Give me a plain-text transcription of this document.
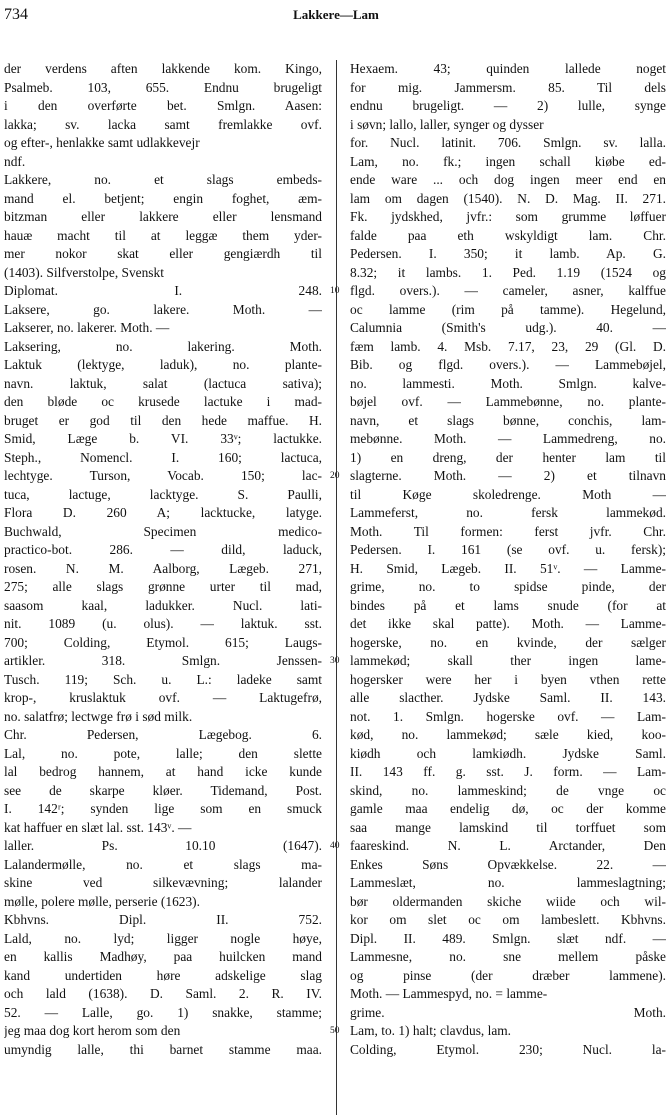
734	Lakkere—Lam
der verdens aften lakkende kom. Kingo,
Psalmeb. 103, 655. Endnu brugeligt
i den overførte bet. Smlgn. Aasen:
lakka; sv. lacka samt fremlakke ovf.
og efter-, henlakke samt udlakkevejr
ndf.
Lakkere, no. et slags embeds-
mand el. betjent; engin foghet, æm-
bitzman eller lakkere eller lensmand
hauæ macht til at leggæ them yder-
mer nokor skat eller gengiærdh til
(1403). Silfverstolpe, Svenskt
Diplomat. I. 248.
Laksere, go. lakere. Moth. —
Lakserer, no. lakerer. Moth. —
Laksering, no. lakering. Moth.
Laktuk (lektyge, laduk), no. plante-
navn. laktuk, salat (lactuca sativa);
den bløde oc krusede lactuke i mad-
bruget er god til den hede maffue. H.
Smid, Læge b. VI. 33ᵛ; lactukke.
Steph., Nomencl. I. 160; lactuca,
lechtyge. Turson, Vocab. 150; lac-
tuca, lactuge, lacktyge. S. Paulli,
Flora D. 260 A; lacktucke, latyge.
Buchwald, Specimen medico-
practico-bot. 286. — dild, laduck,
rosen. N. M. Aalborg, Lægeb. 271,
275; alle slags grønne urter til mad,
saasom kaal, ladukker. Nucl. lati-
nit. 1089 (u. olus). — laktuk. sst.
700; Colding, Etymol. 615; Laugs-
artikler. 318. Smlgn. Jenssen-
Tusch. 119; Sch. u. L.: ladeke samt
krop-, kruslaktuk ovf. — Laktugefrø,
no. salatfrø; lectwge frø i sød milk.
Chr. Pedersen, Lægebog. 6.
Lal, no. pote, lalle; den slette
lal bedrog hannem, at hand icke kunde
see de skarpe kløer. Tidemand, Post.
I. 142ʳ; synden lige som en smuck
kat haffuer en slæt lal. sst. 143ᵛ. —
laller. Ps. 10.10 (1647).
Lalandermølle, no. et slags ma-
skine ved silkevævning; lalander
mølle, polere mølle, perserie (1623).
Kbhvns. Dipl. II. 752.
Lald, no. lyd; ligger nogle høye,
en kallis Madhøy, paa huilcken mand
kand undertiden høre adskelige slag
och lald (1638). D. Saml. 2. R. IV.
52. — Lalle, go. 1) snakke, stamme;
jeg maa dog kort herom som den
umyndig lalle, thi barnet stamme maa.
10
20
30
40
50
Hexaem. 43; quinden lallede noget
for mig. Jammersm. 85. Til dels
endnu brugeligt. — 2) lulle, synge
i søvn; lallo, laller, synger og dysser
for. Nucl. latinit. 706. Smlgn. sv. lalla.
Lam, no. fk.; ingen schall kiøbe ed-
ende ware ... och dog ingen meer end en
lam om dagen (1540). N. D. Mag. II. 271.
Fk. jydskhed, jvfr.: som grumme løffuer
falde paa eth wskyldigt lam. Chr.
Pedersen. I. 350; it lamb. Ap. G.
8.32; it lambs. 1. Ped. 1.19 (1524 og
flgd. overs.). — cameler, asner, kalffue
oc lamme (rim på tamme). Hegelund,
Calumnia (Smith's udg.). 40. —
fæm lamb. 4. Msb. 7.17, 23, 29 (Gl. D.
Bib. og flgd. overs.). — Lammebøjel,
no. lammesti. Moth. Smlgn. kalve-
bøjel ovf. — Lammebønne, no. plante-
navn, et slags bønne, conchis, lam-
mebønne. Moth. — Lammedreng, no.
1) en dreng, der henter lam til
slagterne. Moth. — 2) et tilnavn
til Køge skoledrenge. Moth —
Lammeferst, no. fersk lammekød.
Moth. Til formen: ferst jvfr. Chr.
Pedersen. I. 161 (se ovf. u. fersk);
H. Smid, Lægeb. II. 51ᵛ. — Lamme-
grime, no. to spidse pinde, der
bindes på et lams snude (for at
det ikke skal patte). Moth. — Lamme-
hogerske, no. en kvinde, der sælger
lammekød; skall ther ingen lame-
hogersker were her i byen vthen rette
alle slacther. Jydske Saml. II. 143.
not. 1. Smlgn. hogerske ovf. — Lam-
kød, no. lammekød; sæle kied, koo-
kiødh och lamkiødh. Jydske Saml.
II. 143 ff. g. sst. J. form. — Lam-
skind, no. lammeskind; de vnge oc
gamle maa endelig dø, oc der komme
saa mange lamskind til torffuet som
faareskind. N. L. Arctander, Den
Enkes Søns Opvækkelse. 22. —
Lammeslæt, no. lammeslagtning;
bør oldermanden skiche wiide och wil-
kor om slet oc om lambeslett. Kbhvns.
Dipl. II. 489. Smlgn. slæt ndf. —
Lammesne, no. sne mellem påske
og pinse (der dræber lammene).
Moth. — Lammespyd, no. = lamme-
grime. Moth.
Lam, to. 1) halt; clavdus, lam.
Colding, Etymol. 230; Nucl. la-
